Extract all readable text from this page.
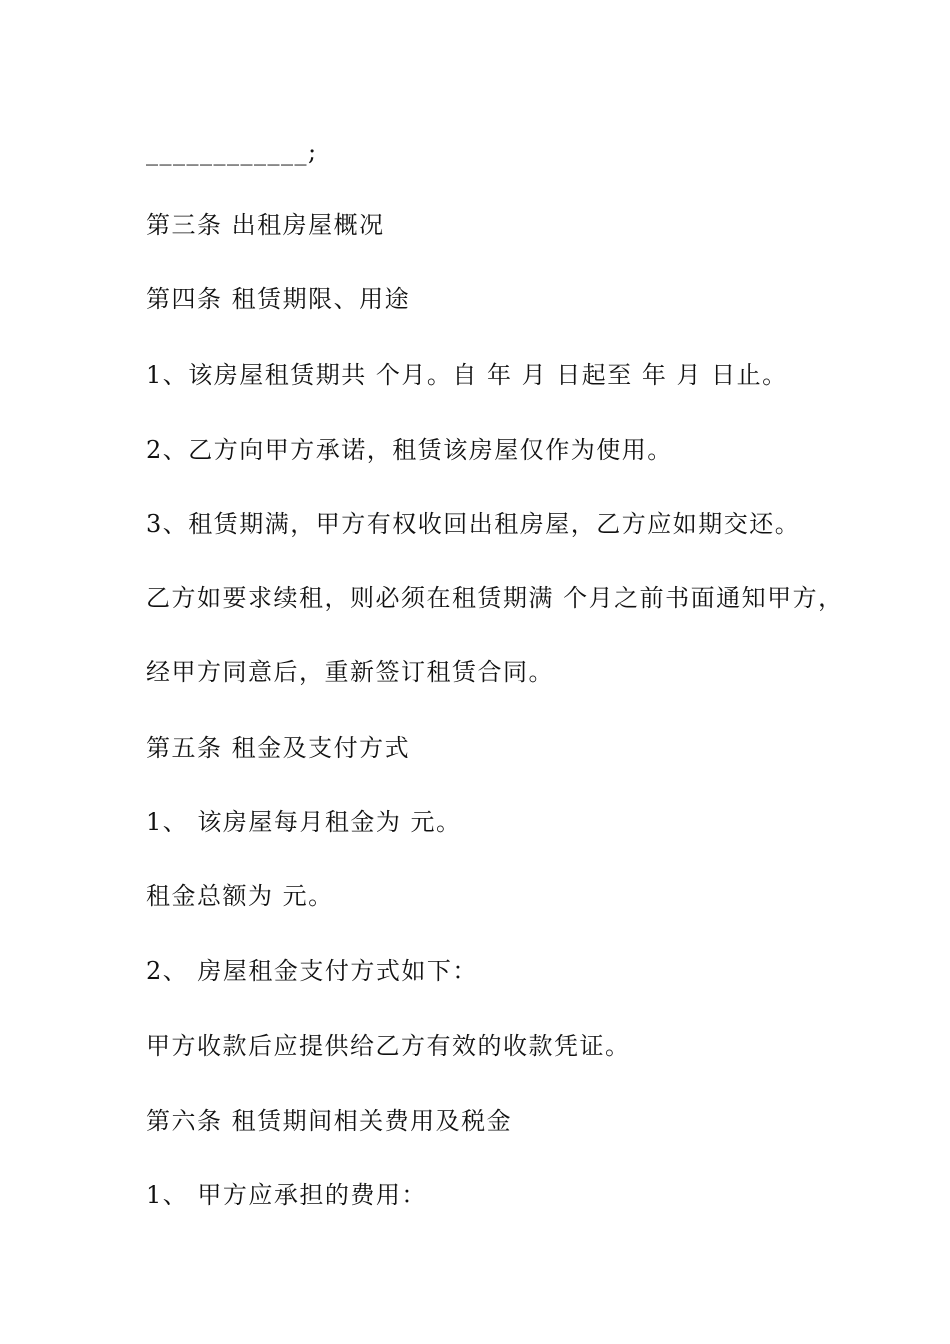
____________;
第三条 出租房屋概况
第四条 租赁期限、用途
1、该房屋租赁期共 个月。自 年 月 日起至 年 月 日止。
2、乙方向甲方承诺，租赁该房屋仅作为使用。
3、租赁期满，甲方有权收回出租房屋，乙方应如期交还。
乙方如要求续租，则必须在租赁期满 个月之前书面通知甲方，
经甲方同意后，重新签订租赁合同。
第五条 租金及支付方式
1、 该房屋每月租金为 元。
租金总额为 元。
2、 房屋租金支付方式如下：
甲方收款后应提供给乙方有效的收款凭证。
第六条 租赁期间相关费用及税金
1、 甲方应承担的费用：
